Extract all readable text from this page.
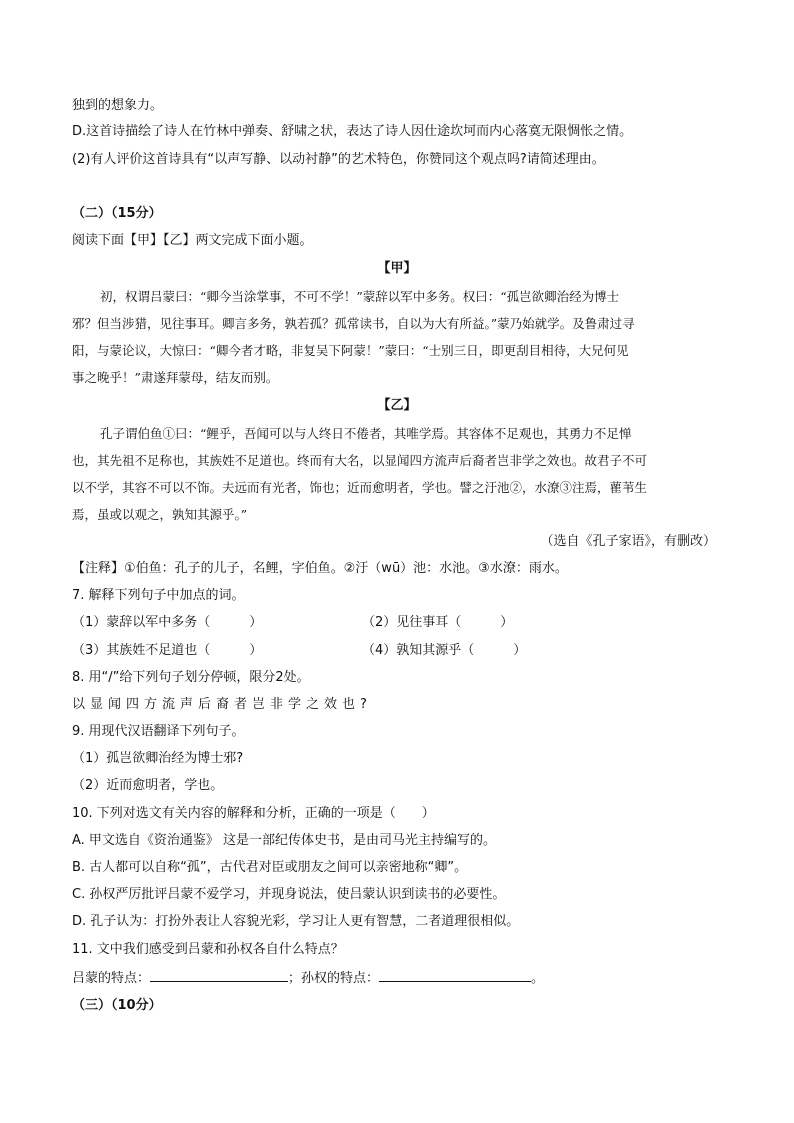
独到的想象力。
D.这首诗描绘了诗人在竹林中弹奏、舒啸之状，表达了诗人因仕途坎坷而内心落寞无限惆怅之情。
(2)有人评价这首诗具有“以声写静、以动衬静”的艺术特色，你赞同这个观点吗?请简述理由。
（二）（15分）
阅读下面【甲】【乙】两文完成下面小题。
【甲】
初，权谓吕蒙曰：“卿今当涂掌事，不可不学！”蒙辞以军中多务。权曰：“孤岂欲卿治经为博士
邪？但当涉猎，见往事耳。卿言多务，孰若孤？孤常读书，自以为大有所益。”蒙乃始就学。及鲁肃过寻
阳，与蒙论议，大惊曰：“卿今者才略，非复吴下阿蒙！”蒙曰：“士别三日，即更刮目相待，大兄何见
事之晚乎！”肃遂拜蒙母，结友而别。
【乙】
孔子谓伯鱼①曰：“鲤乎，吾闻可以与人终日不倦者，其唯学焉。其容体不足观也，其勇力不足惮
也，其先祖不足称也，其族姓不足道也。终而有大名，以显闻四方流声后裔者岂非学之效也。故君子不可
以不学，其容不可以不饰。夫远而有光者，饰也；近而愈明者，学也。譬之汙池②，水潦③注焉，雚苇生
焉，虽或以观之，孰知其源乎。”
（选自《孔子家语》，有删改）
【注释】①伯鱼：孔子的儿子，名鲤，字伯鱼。②汙（wū）池：水池。③水潦：雨水。
7. 解释下列句子中加点的词。
（1）蒙辞以军中多务（　　　）	（2）见往事耳（　　　）
（3）其族姓不足道也（　　　）	（4）孰知其源乎（　　　）
8. 用“/”给下列句子划分停顿，限分2处。
以显闻四方流声后裔者岂非学之效也?
9. 用现代汉语翻译下列句子。
（1）孤岂欲卿治经为博士邪?
（2）近而愈明者，学也。
10. 下列对选文有关内容的解释和分析，正确的一项是（　　）
A. 甲文选自《资治通鉴》 这是一部纪传体史书，是由司马光主持编写的。
B. 古人都可以自称“孤”，古代君对臣或朋友之间可以亲密地称“卿”。
C. 孙权严厉批评吕蒙不爱学习，并现身说法，使吕蒙认识到读书的必要性。
D. 孔子认为：打扮外表让人容貌光彩，学习让人更有智慧，二者道理很相似。
11. 文中我们感受到吕蒙和孙权各自什么特点？
吕蒙的特点：	；孙权的特点：	。
（三）（10分）
